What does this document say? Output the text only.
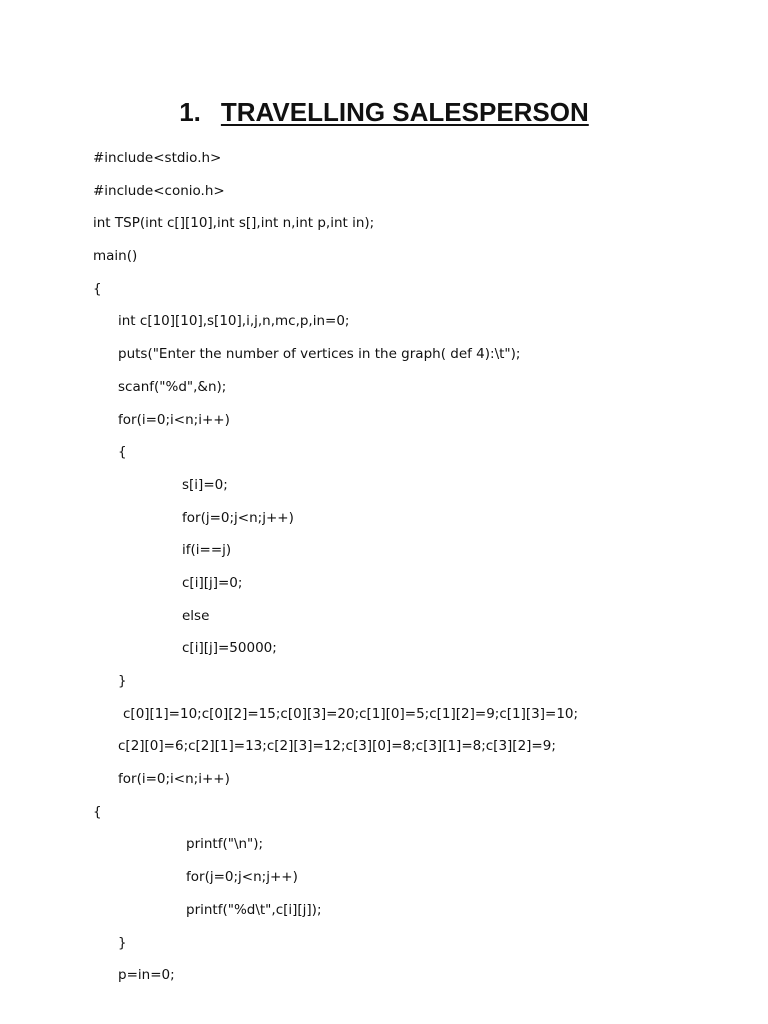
1. TRAVELLING SALESPERSON
#include<stdio.h>
#include<conio.h>
int TSP(int c[][10],int s[],int n,int p,int in);
main()
{
int c[10][10],s[10],i,j,n,mc,p,in=0;
puts("Enter the number of vertices in the graph( def 4):\t");
scanf("%d",&n);
for(i=0;i<n;i++)
{
s[i]=0;
for(j=0;j<n;j++)
if(i==j)
c[i][j]=0;
else
c[i][j]=50000;
}
c[0][1]=10;c[0][2]=15;c[0][3]=20;c[1][0]=5;c[1][2]=9;c[1][3]=10;
c[2][0]=6;c[2][1]=13;c[2][3]=12;c[3][0]=8;c[3][1]=8;c[3][2]=9;
for(i=0;i<n;i++)
{
printf("\n");
for(j=0;j<n;j++)
printf("%d\t",c[i][j]);
}
p=in=0;
